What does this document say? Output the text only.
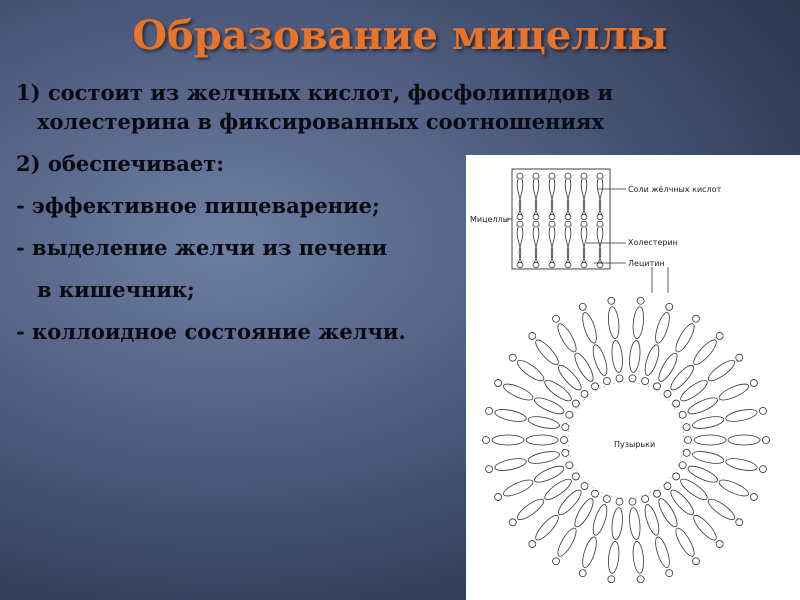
Образование мицеллы
1) состоит из желчных кислот, фосфолипидов и
холестерина в фиксированных соотношениях
2) обеспечивает:
- эффективное пищеварение;
- выделение желчи из печени
в кишечник;
- коллоидное состояние желчи.
Соли жёлчных кислот
Холестерин
Лецитин
Мицеллы
Пузырьки
